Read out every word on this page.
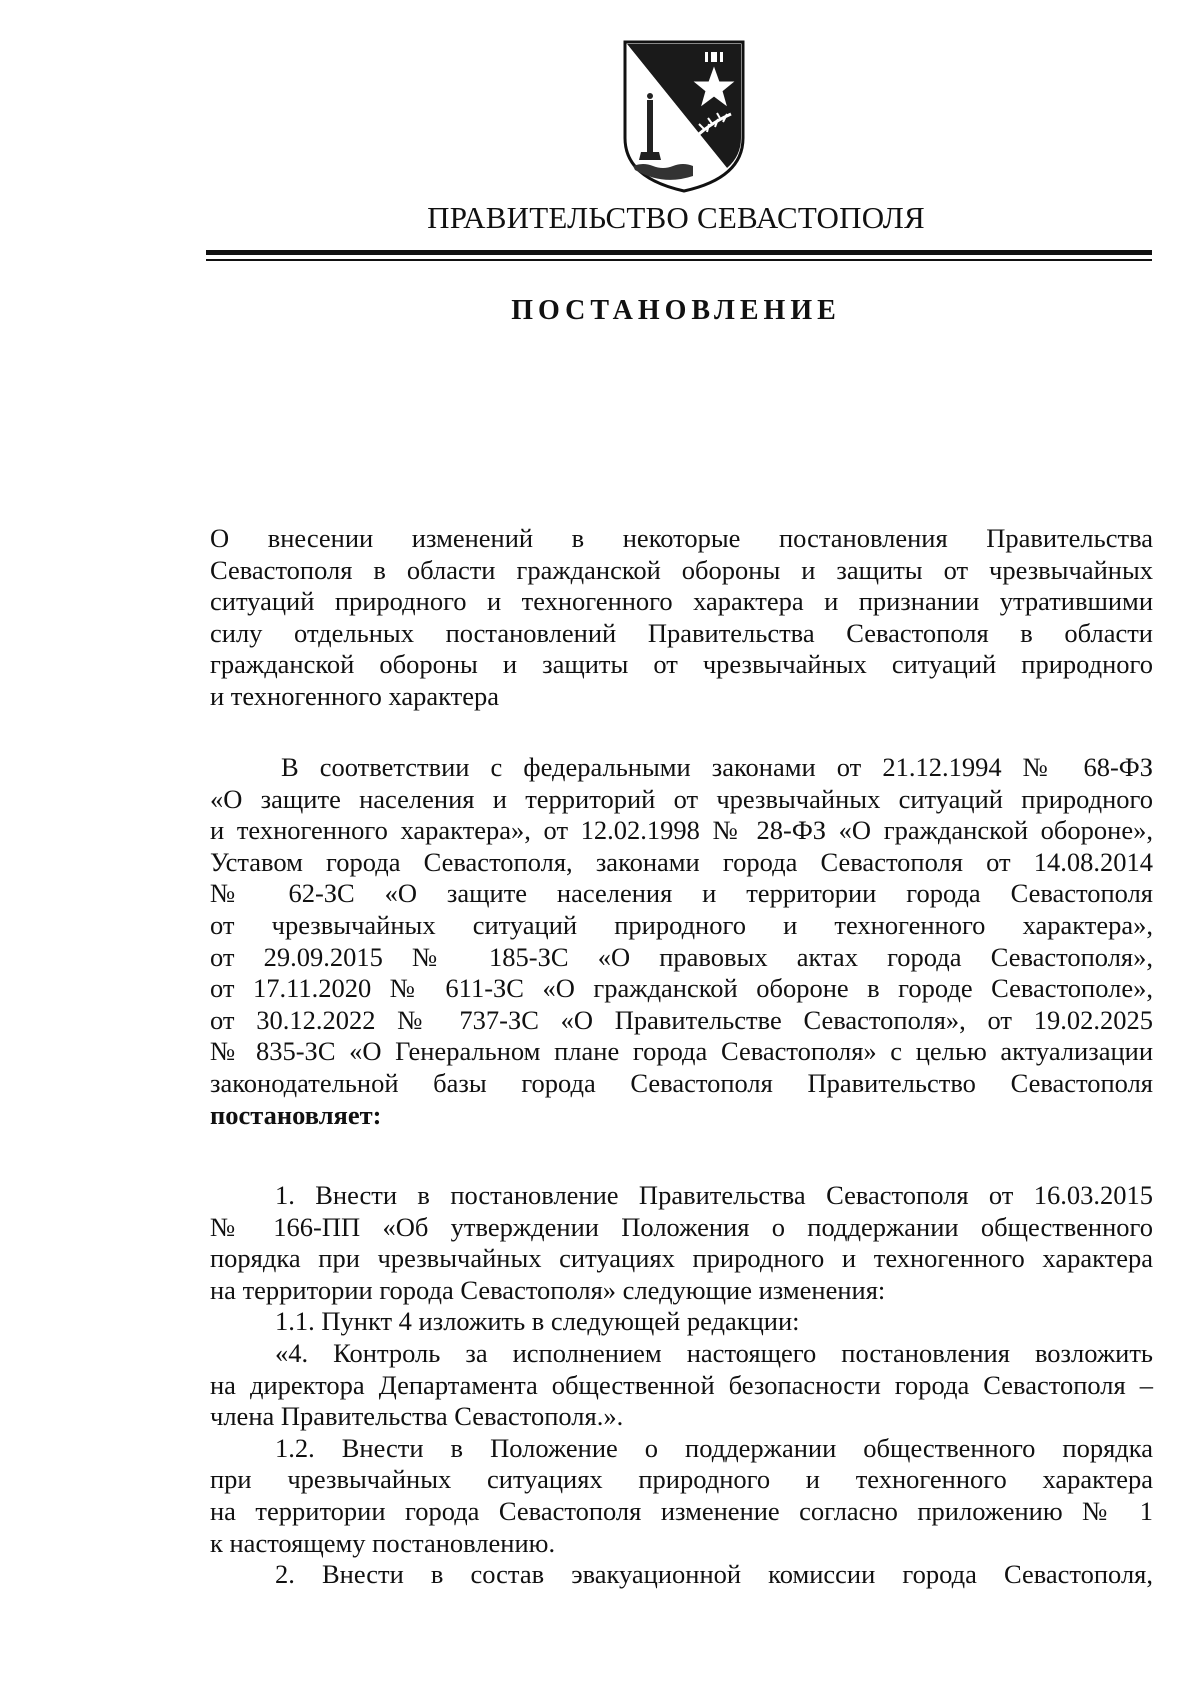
ПРАВИТЕЛЬСТВО СЕВАСТОПОЛЯ
ПОСТАНОВЛЕНИЕ
О внесении изменений в некоторые постановления Правительства
Севастополя в области гражданской обороны и защиты от чрезвычайных
ситуаций природного и техногенного характера и признании утратившими
силу отдельных постановлений Правительства Севастополя в области
гражданской обороны и защиты от чрезвычайных ситуаций природного
и техногенного характера
В соответствии с федеральными законами от 21.12.1994 № 68-ФЗ
«О защите населения и территорий от чрезвычайных ситуаций природного
и техногенного характера», от 12.02.1998 № 28-ФЗ «О гражданской обороне»,
Уставом города Севастополя, законами города Севастополя от 14.08.2014
№ 62-ЗС «О защите населения и территории города Севастополя
от чрезвычайных ситуаций природного и техногенного характера»,
от 29.09.2015 № 185-ЗС «О правовых актах города Севастополя»,
от 17.11.2020 № 611-ЗС «О гражданской обороне в городе Севастополе»,
от 30.12.2022 № 737-ЗС «О Правительстве Севастополя», от 19.02.2025
№ 835-ЗС «О Генеральном плане города Севастополя» с целью актуализации
законодательной базы города Севастополя Правительство Севастополя
постановляет:
1. Внести в постановление Правительства Севастополя от 16.03.2015
№ 166-ПП «Об утверждении Положения о поддержании общественного
порядка при чрезвычайных ситуациях природного и техногенного характера
на территории города Севастополя» следующие изменения:
1.1. Пункт 4 изложить в следующей редакции:
«4. Контроль за исполнением настоящего постановления возложить
на директора Департамента общественной безопасности города Севастополя –
члена Правительства Севастополя.».
1.2. Внести в Положение о поддержании общественного порядка
при чрезвычайных ситуациях природного и техногенного характера
на территории города Севастополя изменение согласно приложению № 1
к настоящему постановлению.
2. Внести в состав эвакуационной комиссии города Севастополя,
